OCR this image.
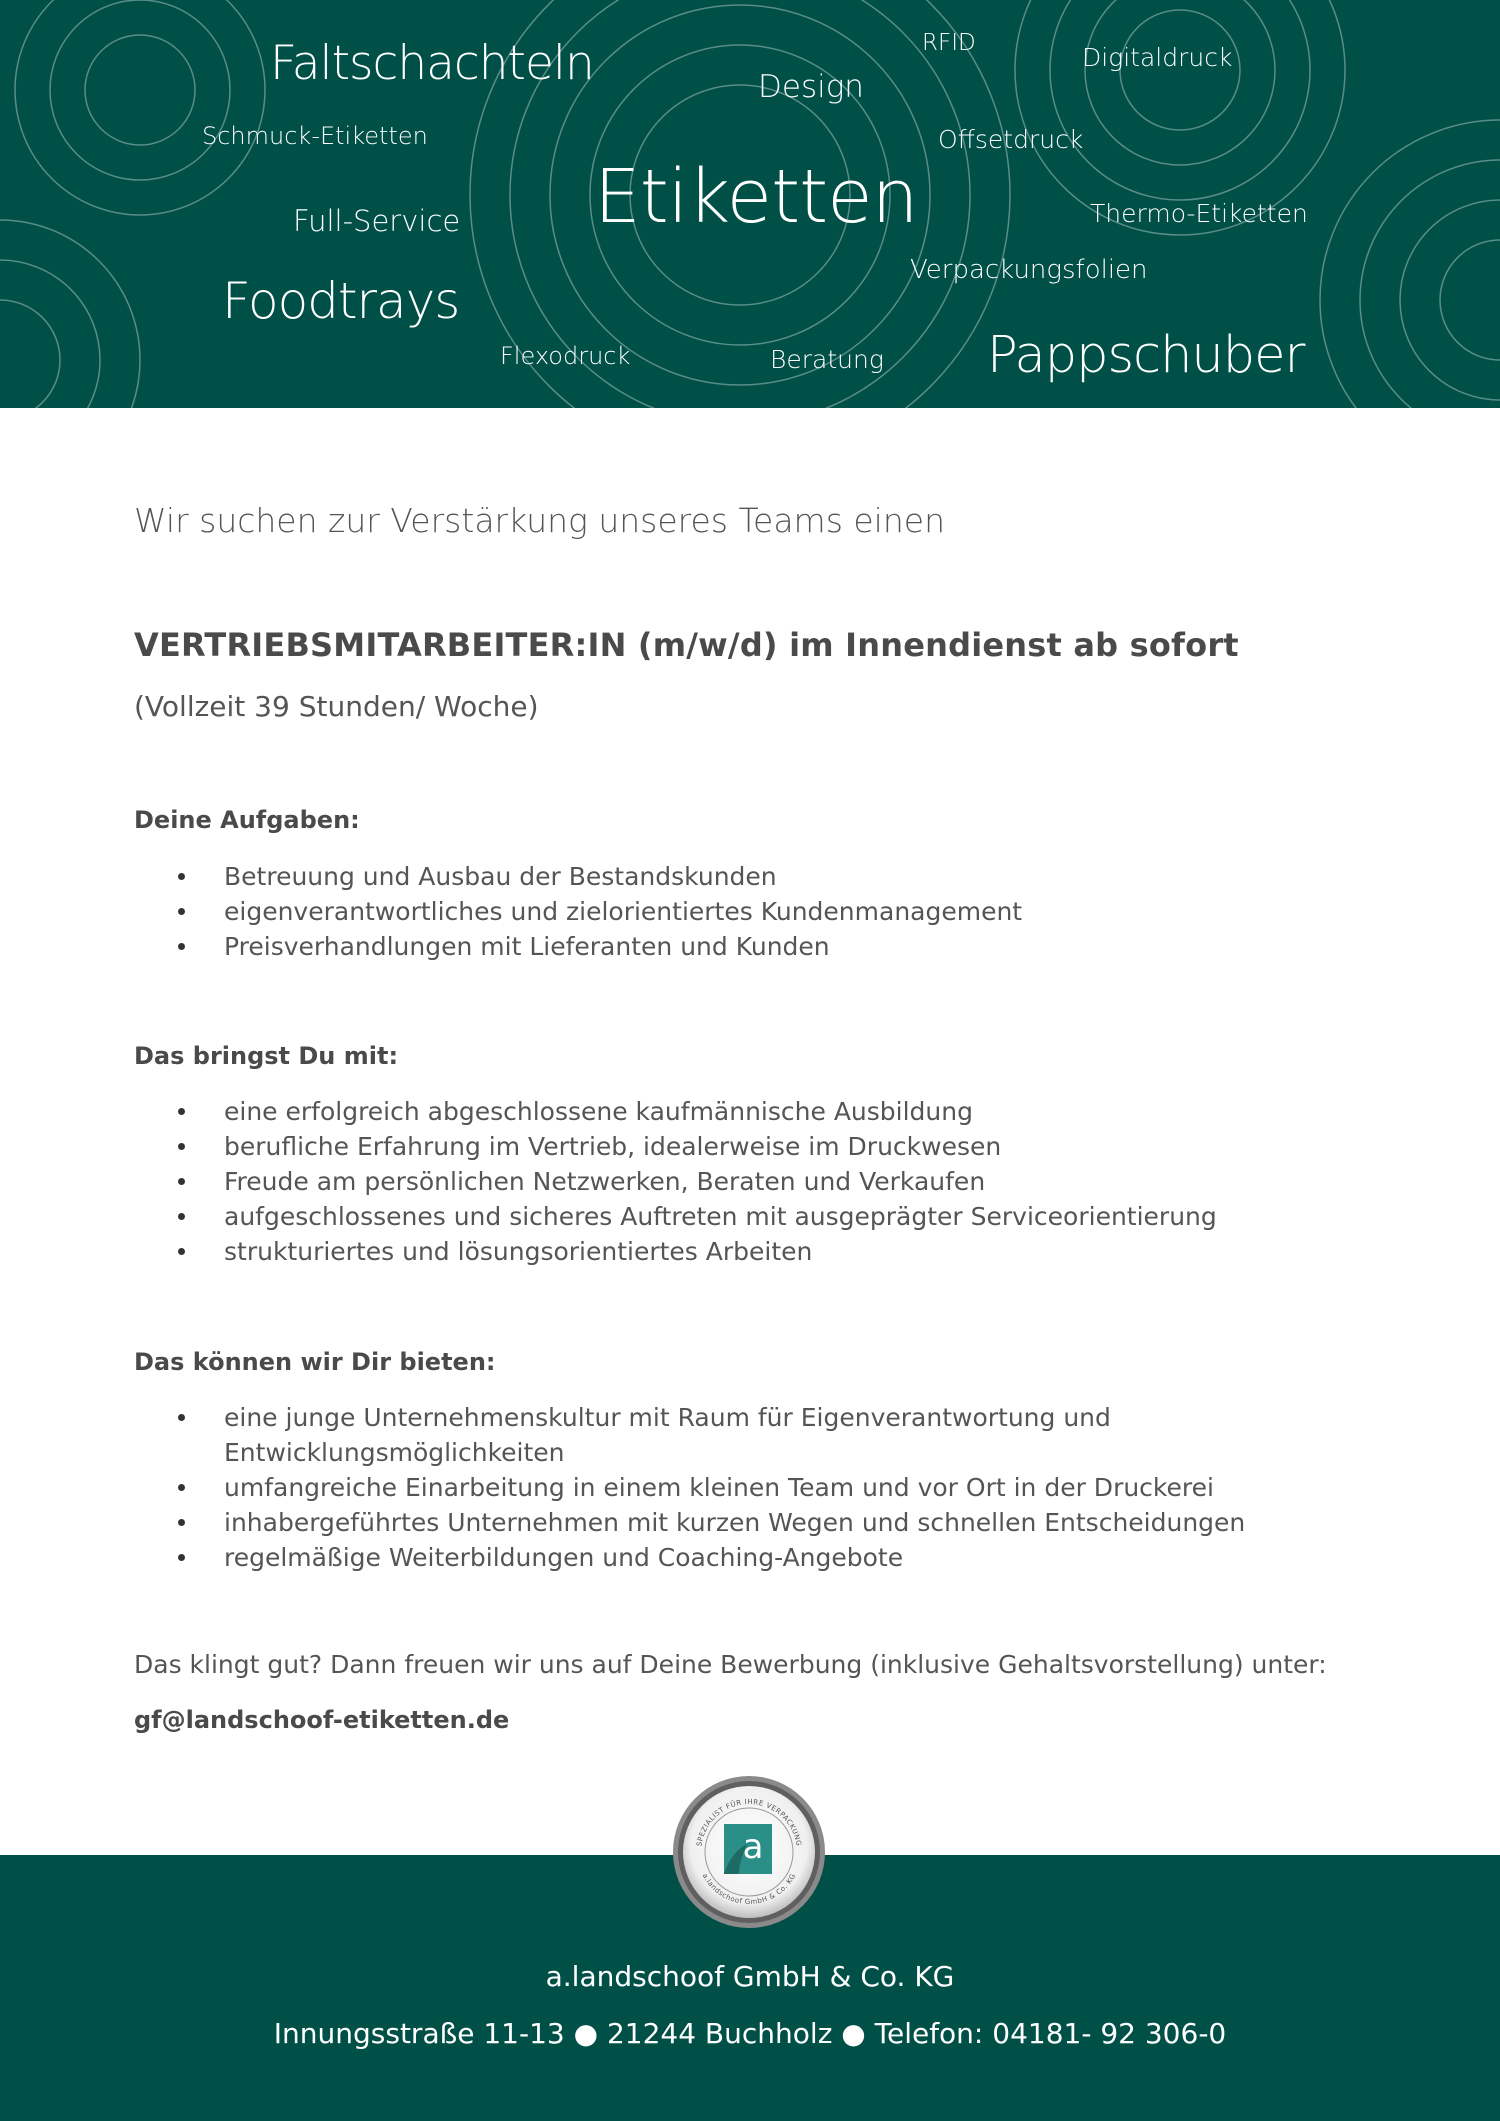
Etiketten
Faltschachteln	Design
RFID	Digitaldruck
Schmuck-Etiketten	Offsetdruck
Full-Service	Thermo-Etiketten
Verpackungsfolien
Foodtrays
Flexodruck	Beratung Pappschuber
Wir suchen zur Verstärkung unseres Teams einen
VERTRIEBSMITARBEITER:IN (m/w/d) im Innendienst ab sofort
(Vollzeit 39 Stunden/ Woche)
Deine Aufgaben:
Betreuung und Ausbau der Bestandskunden
eigenverantwortliches und zielorientiertes Kundenmanagement
Preisverhandlungen mit Lieferanten und Kunden
Das bringst Du mit:
eine erfolgreich abgeschlossene kaufmännische Ausbildung
berufliche Erfahrung im Vertrieb, idealerweise im Druckwesen
Freude am persönlichen Netzwerken, Beraten und Verkaufen
aufgeschlossenes und sicheres Auftreten mit ausgeprägter Serviceorientierung
strukturiertes und lösungsorientiertes Arbeiten
Das können wir Dir bieten:
eine junge Unternehmenskultur mit Raum für Eigenverantwortung und Entwicklungsmöglichkeiten
umfangreiche Einarbeitung in einem kleinen Team und vor Ort in der Druckerei
inhabergeführtes Unternehmen mit kurzen Wegen und schnellen Entscheidungen
regelmäßige Weiterbildungen und Coaching-Angebote
Das klingt gut? Dann freuen wir uns auf Deine Bewerbung (inklusive Gehaltsvorstellung) unter:
gf@landschoof-etiketten.de
SPEZIALIST FÜR IHRE VERPACKUNG
a.landschoof GmbH & Co. KG
a
a.landschoof GmbH & Co. KG
Innungsstraße 11-13 ● 21244 Buchholz ● Telefon: 04181- 92 306-0
